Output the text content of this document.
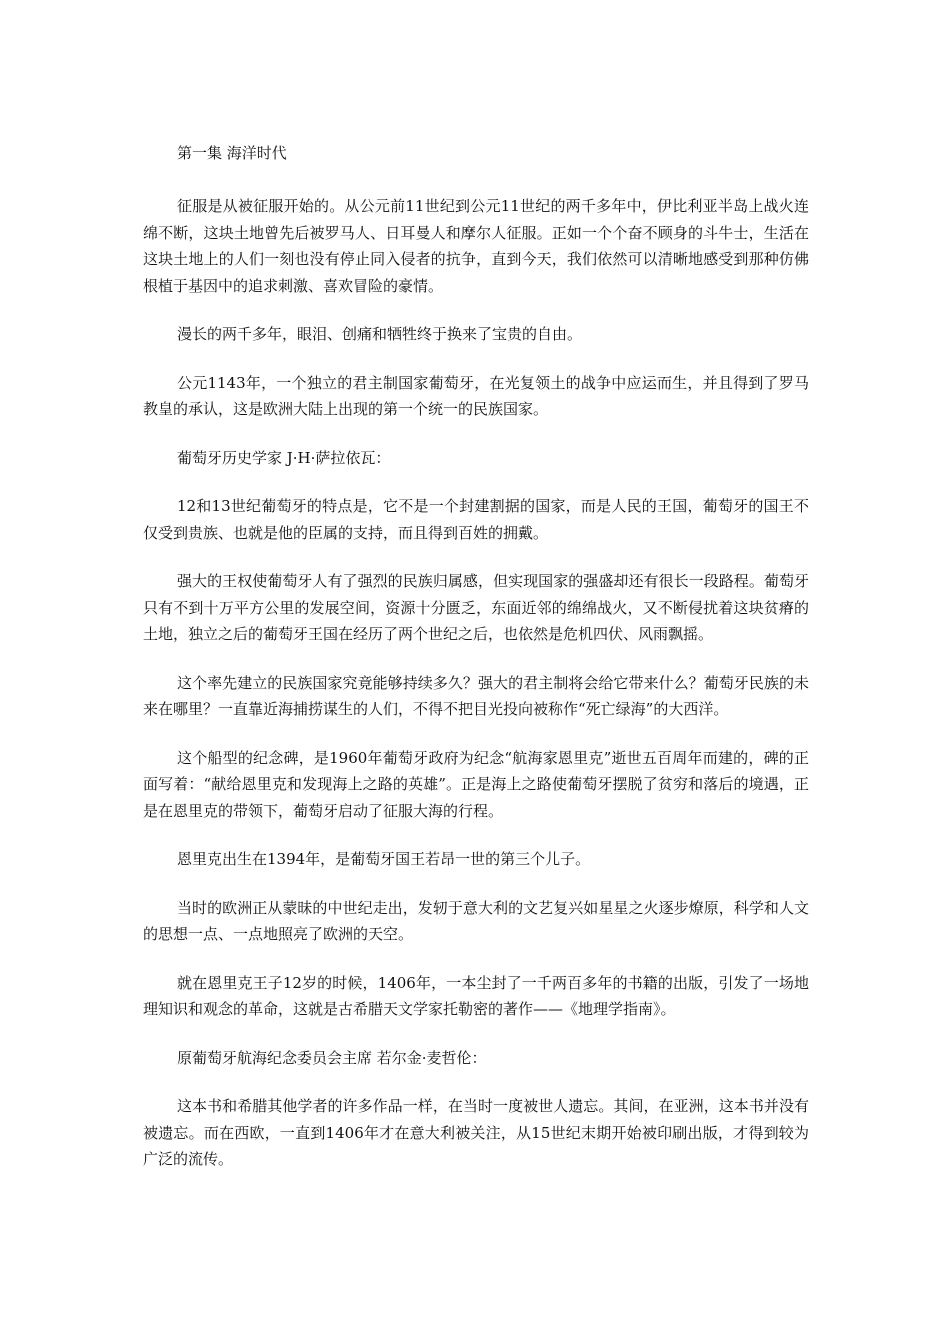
第一集 海洋时代

征服是从被征服开始的。从公元前11世纪到公元11世纪的两千多年中，伊比利亚半岛上战火连绵不断，这块土地曾先后被罗马人、日耳曼人和摩尔人征服。正如一个个奋不顾身的斗牛士，生活在这块土地上的人们一刻也没有停止同入侵者的抗争，直到今天，我们依然可以清晰地感受到那种仿佛根植于基因中的追求刺激、喜欢冒险的豪情。

漫长的两千多年，眼泪、创痛和牺牲终于换来了宝贵的自由。

公元1143年，一个独立的君主制国家葡萄牙，在光复领土的战争中应运而生，并且得到了罗马教皇的承认，这是欧洲大陆上出现的第一个统一的民族国家。

葡萄牙历史学家 J·H·萨拉依瓦：

12和13世纪葡萄牙的特点是，它不是一个封建割据的国家，而是人民的王国，葡萄牙的国王不仅受到贵族、也就是他的臣属的支持，而且得到百姓的拥戴。

强大的王权使葡萄牙人有了强烈的民族归属感，但实现国家的强盛却还有很长一段路程。葡萄牙只有不到十万平方公里的发展空间，资源十分匮乏，东面近邻的绵绵战火，又不断侵扰着这块贫瘠的土地，独立之后的葡萄牙王国在经历了两个世纪之后，也依然是危机四伏、风雨飘摇。

这个率先建立的民族国家究竟能够持续多久？强大的君主制将会给它带来什么？葡萄牙民族的未来在哪里？一直靠近海捕捞谋生的人们，不得不把目光投向被称作“死亡绿海”的大西洋。

这个船型的纪念碑，是1960年葡萄牙政府为纪念“航海家恩里克”逝世五百周年而建的，碑的正面写着：“献给恩里克和发现海上之路的英雄”。正是海上之路使葡萄牙摆脱了贫穷和落后的境遇，正是在恩里克的带领下，葡萄牙启动了征服大海的行程。

恩里克出生在1394年，是葡萄牙国王若昂一世的第三个儿子。

当时的欧洲正从蒙昧的中世纪走出，发轫于意大利的文艺复兴如星星之火逐步燎原，科学和人文的思想一点、一点地照亮了欧洲的天空。

就在恩里克王子12岁的时候，1406年，一本尘封了一千两百多年的书籍的出版，引发了一场地理知识和观念的革命，这就是古希腊天文学家托勒密的著作——《地理学指南》。

原葡萄牙航海纪念委员会主席 若尔金·麦哲伦：

这本书和希腊其他学者的许多作品一样，在当时一度被世人遗忘。其间，在亚洲，这本书并没有被遗忘。而在西欧，一直到1406年才在意大利被关注，从15世纪末期开始被印刷出版，才得到较为广泛的流传。
